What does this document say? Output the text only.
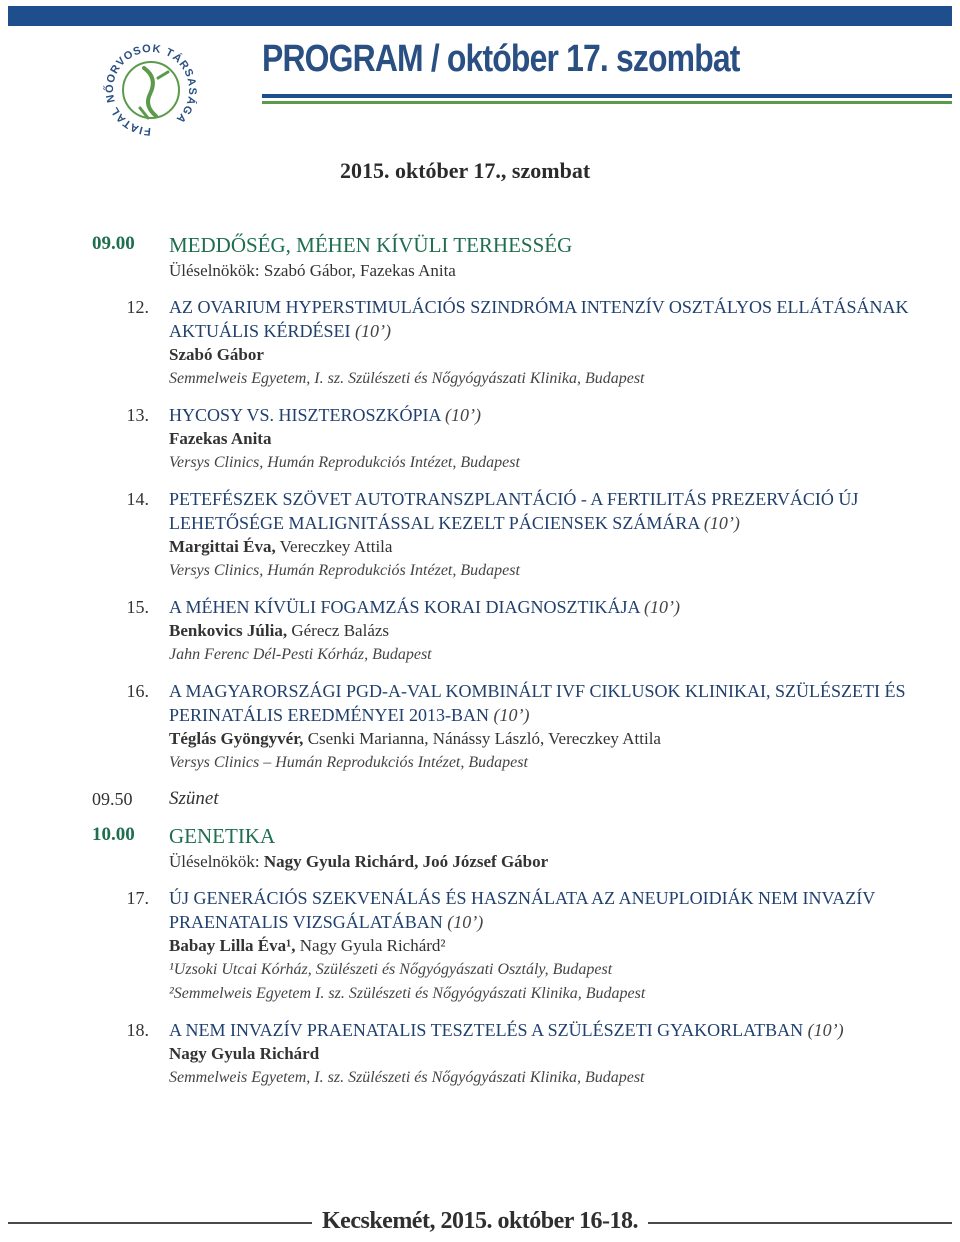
FIATAL NŐORVOSOK TÁRSASÁGA
PROGRAM / október 17. szombat
2015. október 17., szombat
09.00	MEDDŐSÉG, MÉHEN KÍVÜLI TERHESSÉG
Üléselnökök: Szabó Gábor, Fazekas Anita
12.	AZ OVARIUM HYPERSTIMULÁCIÓS SZINDRÓMA INTENZÍV OSZTÁLYOS ELLÁTÁSÁNAK AKTUÁLIS KÉRDÉSEI (10’)
Szabó Gábor
Semmelweis Egyetem, I. sz. Szülészeti és Nőgyógyászati Klinika, Budapest
13.	HYCOSY VS. HISZTEROSZKÓPIA (10’)
Fazekas Anita
Versys Clinics, Humán Reprodukciós Intézet, Budapest
14.	PETEFÉSZEK SZÖVET AUTOTRANSZPLANTÁCIÓ - A FERTILITÁS PREZERVÁCIÓ ÚJ LEHETŐSÉGE MALIGNITÁSSAL KEZELT PÁCIENSEK SZÁMÁRA (10’)
Margittai Éva, Vereczkey Attila
Versys Clinics, Humán Reprodukciós Intézet, Budapest
15.	A MÉHEN KÍVÜLI FOGAMZÁS KORAI DIAGNOSZTIKÁJA (10’)
Benkovics Júlia, Gérecz Balázs
Jahn Ferenc Dél-Pesti Kórház, Budapest
16.	A MAGYARORSZÁGI PGD-A-VAL KOMBINÁLT IVF CIKLUSOK KLINIKAI, SZÜLÉSZETI ÉS PERINATÁLIS EREDMÉNYEI 2013-BAN (10’)
Téglás Gyöngyvér, Csenki Marianna, Nánássy László, Vereczkey Attila
Versys Clinics – Humán Reprodukciós Intézet, Budapest
09.50	Szünet
10.00	GENETIKA
Üléselnökök: Nagy Gyula Richárd, Joó József Gábor
17.	ÚJ GENERÁCIÓS SZEKVENÁLÁS ÉS HASZNÁLATA AZ ANEUPLOIDIÁK NEM INVAZÍV PRAENATALIS VIZSGÁLATÁBAN (10’)
Babay Lilla Éva¹, Nagy Gyula Richárd²
¹Uzsoki Utcai Kórház, Szülészeti és Nőgyógyászati Osztály, Budapest
²Semmelweis Egyetem I. sz. Szülészeti és Nőgyógyászati Klinika, Budapest
18.	A NEM INVAZÍV PRAENATALIS TESZTELÉS A SZÜLÉSZETI GYAKORLATBAN (10’)
Nagy Gyula Richárd
Semmelweis Egyetem, I. sz. Szülészeti és Nőgyógyászati Klinika, Budapest
Kecskemét, 2015. október 16-18.
